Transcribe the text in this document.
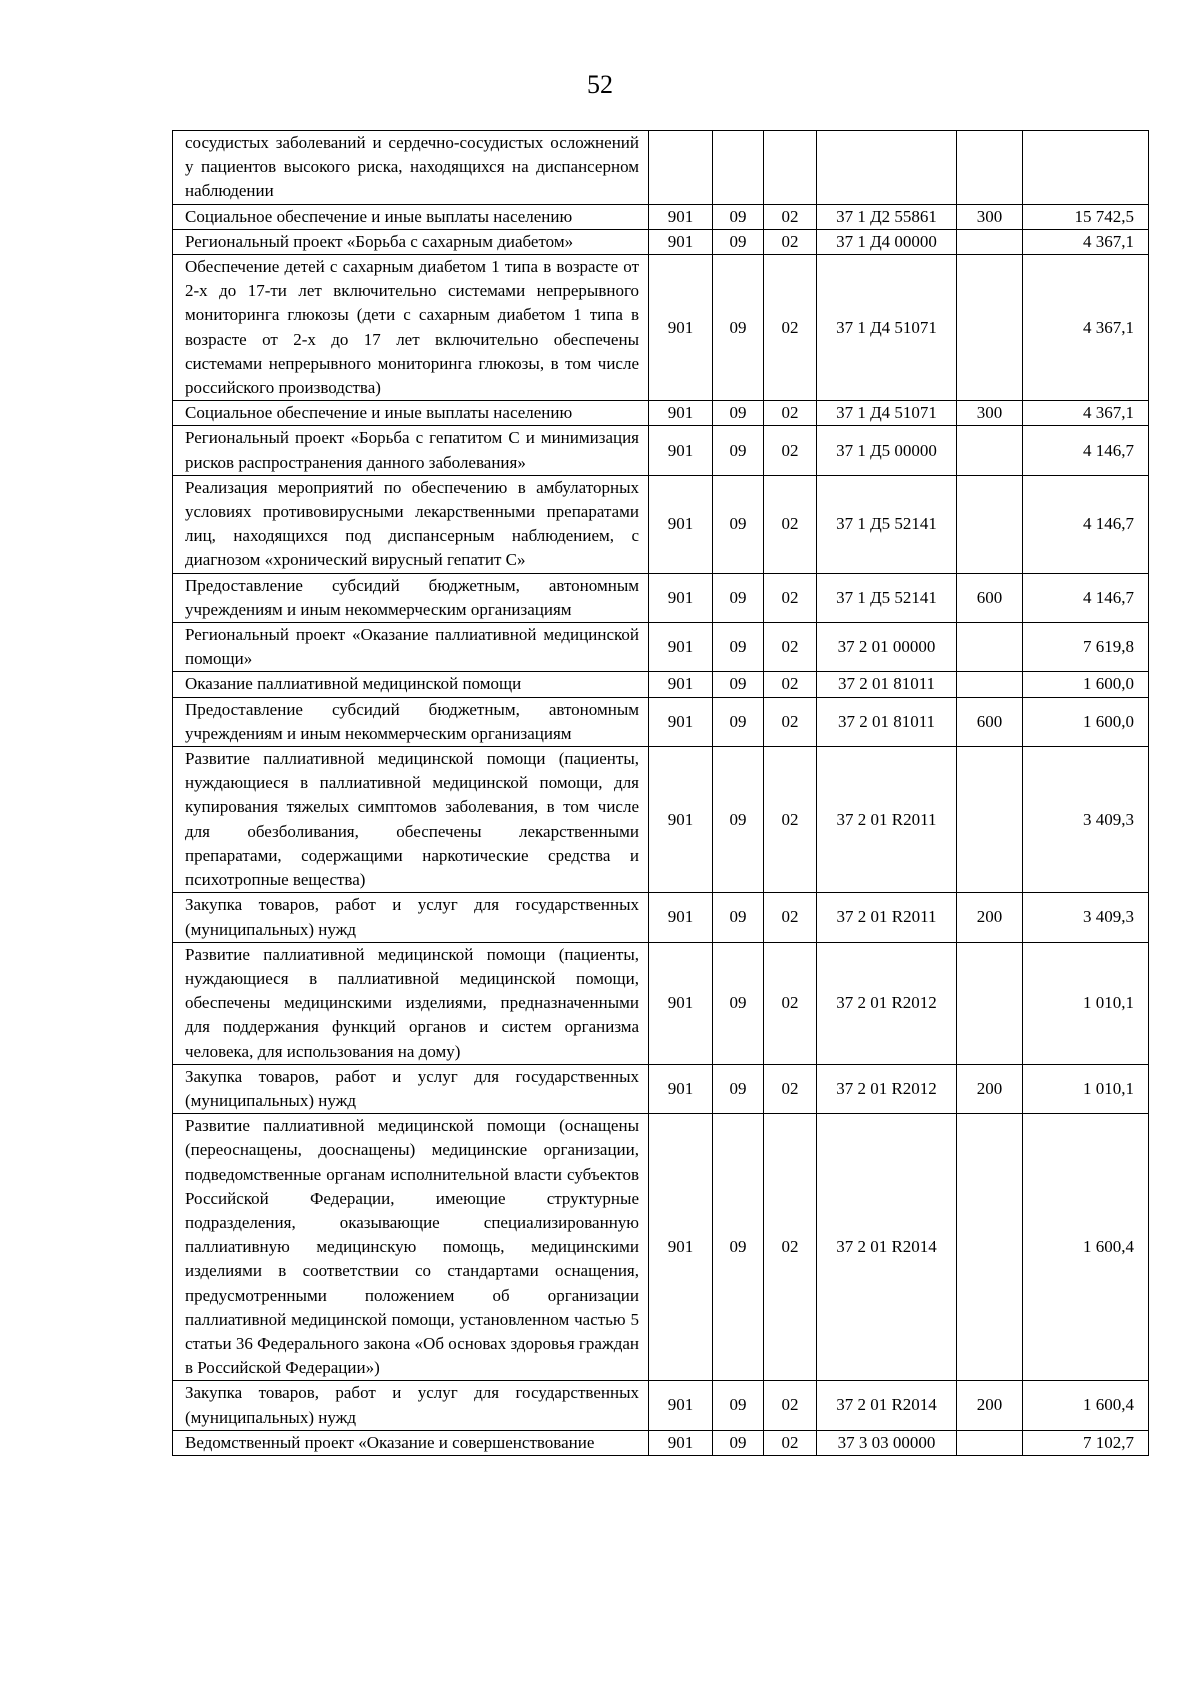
52
сосудистых заболеваний и сердечно-сосудистых осложнений у пациентов высокого риска, находящихся на диспансерном наблюдении						
Социальное обеспечение и иные выплаты населению	901	09	02	37 1 Д2 55861	300	15 742,5
Региональный проект «Борьба с сахарным диабетом»	901	09	02	37 1 Д4 00000		4 367,1
Обеспечение детей с сахарным диабетом 1 типа в возрасте от 2-х до 17-ти лет включительно системами непрерывного мониторинга глюкозы (дети с сахарным диабетом 1 типа в возрасте от 2-х до 17 лет включительно обеспечены системами непрерывного мониторинга глюкозы, в том числе российского производства)	901	09	02	37 1 Д4 51071		4 367,1
Социальное обеспечение и иные выплаты населению	901	09	02	37 1 Д4 51071	300	4 367,1
Региональный проект «Борьба с гепатитом С и минимизация рисков распространения данного заболевания»	901	09	02	37 1 Д5 00000		4 146,7
Реализация мероприятий по обеспечению в амбулаторных условиях противовирусными лекарственными препаратами лиц, находящихся под диспансерным наблюдением, с диагнозом «хронический вирусный гепатит С»	901	09	02	37 1 Д5 52141		4 146,7
Предоставление субсидий бюджетным, автономным учреждениям и иным некоммерческим организациям	901	09	02	37 1 Д5 52141	600	4 146,7
Региональный проект «Оказание паллиативной медицинской помощи»	901	09	02	37 2 01 00000		7 619,8
Оказание паллиативной медицинской помощи	901	09	02	37 2 01 81011		1 600,0
Предоставление субсидий бюджетным, автономным учреждениям и иным некоммерческим организациям	901	09	02	37 2 01 81011	600	1 600,0
Развитие паллиативной медицинской помощи (пациенты, нуждающиеся в паллиативной медицинской помощи, для купирования тяжелых симптомов заболевания, в том числе для обезболивания, обеспечены лекарственными препаратами, содержащими наркотические средства и психотропные вещества)	901	09	02	37 2 01 R2011		3 409,3
Закупка товаров, работ и услуг для государственных (муниципальных) нужд	901	09	02	37 2 01 R2011	200	3 409,3
Развитие паллиативной медицинской помощи (пациенты, нуждающиеся в паллиативной медицинской помощи, обеспечены медицинскими изделиями, предназначенными для поддержания функций органов и систем организма человека, для использования на дому)	901	09	02	37 2 01 R2012		1 010,1
Закупка товаров, работ и услуг для государственных (муниципальных) нужд	901	09	02	37 2 01 R2012	200	1 010,1
Развитие паллиативной медицинской помощи (оснащены (переоснащены, дооснащены) медицинские организации, подведомственные органам исполнительной власти субъектов Российской Федерации, имеющие структурные подразделения, оказывающие специализированную паллиативную медицинскую помощь, медицинскими изделиями в соответствии со стандартами оснащения, предусмотренными положением об организации паллиативной медицинской помощи, установленном частью 5 статьи 36 Федерального закона «Об основах здоровья граждан в Российской Федерации»)	901	09	02	37 2 01 R2014		1 600,4
Закупка товаров, работ и услуг для государственных (муниципальных) нужд	901	09	02	37 2 01 R2014	200	1 600,4
Ведомственный проект «Оказание и совершенствование	901	09	02	37 3 03 00000		7 102,7
